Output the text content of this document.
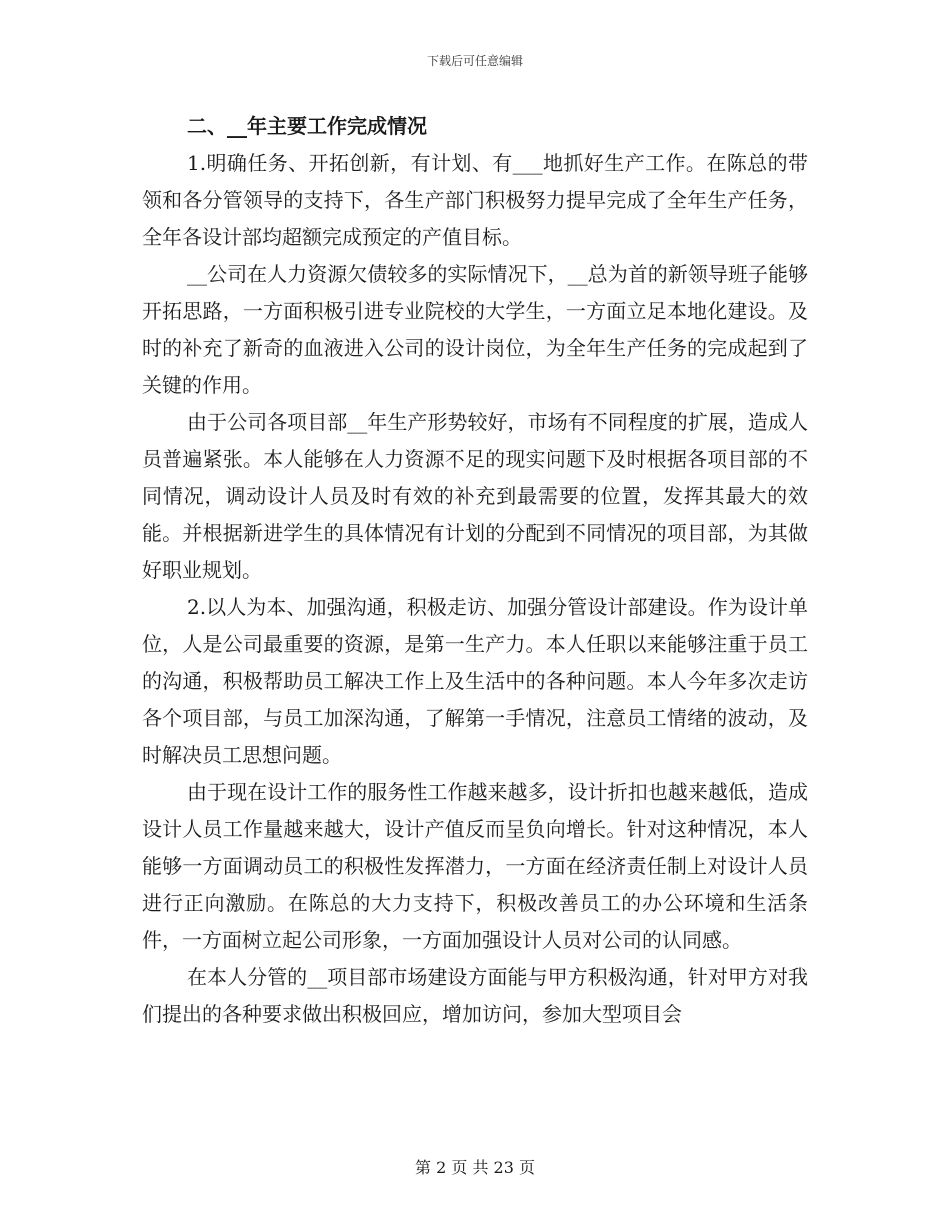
下载后可任意编辑
二、__年主要工作完成情况

1.明确任务、开拓创新，有计划、有___地抓好生产工作。在陈总的带领和各分管领导的支持下，各生产部门积极努力提早完成了全年生产任务，全年各设计部均超额完成预定的产值目标。

__公司在人力资源欠债较多的实际情况下，__总为首的新领导班子能够开拓思路，一方面积极引进专业院校的大学生，一方面立足本地化建设。及时的补充了新奇的血液进入公司的设计岗位，为全年生产任务的完成起到了关键的作用。

由于公司各项目部__年生产形势较好，市场有不同程度的扩展，造成人员普遍紧张。本人能够在人力资源不足的现实问题下及时根据各项目部的不同情况，调动设计人员及时有效的补充到最需要的位置，发挥其最大的效能。并根据新进学生的具体情况有计划的分配到不同情况的项目部，为其做好职业规划。

2.以人为本、加强沟通，积极走访、加强分管设计部建设。作为设计单位，人是公司最重要的资源，是第一生产力。本人任职以来能够注重于员工的沟通，积极帮助员工解决工作上及生活中的各种问题。本人今年多次走访各个项目部，与员工加深沟通，了解第一手情况，注意员工情绪的波动，及时解决员工思想问题。

由于现在设计工作的服务性工作越来越多，设计折扣也越来越低，造成设计人员工作量越来越大，设计产值反而呈负向增长。针对这种情况，本人能够一方面调动员工的积极性发挥潜力，一方面在经济责任制上对设计人员进行正向激励。在陈总的大力支持下，积极改善员工的办公环境和生活条件，一方面树立起公司形象，一方面加强设计人员对公司的认同感。

在本人分管的__项目部市场建设方面能与甲方积极沟通，针对甲方对我们提出的各种要求做出积极回应，增加访问，参加大型项目会

第 2 页 共 23 页
